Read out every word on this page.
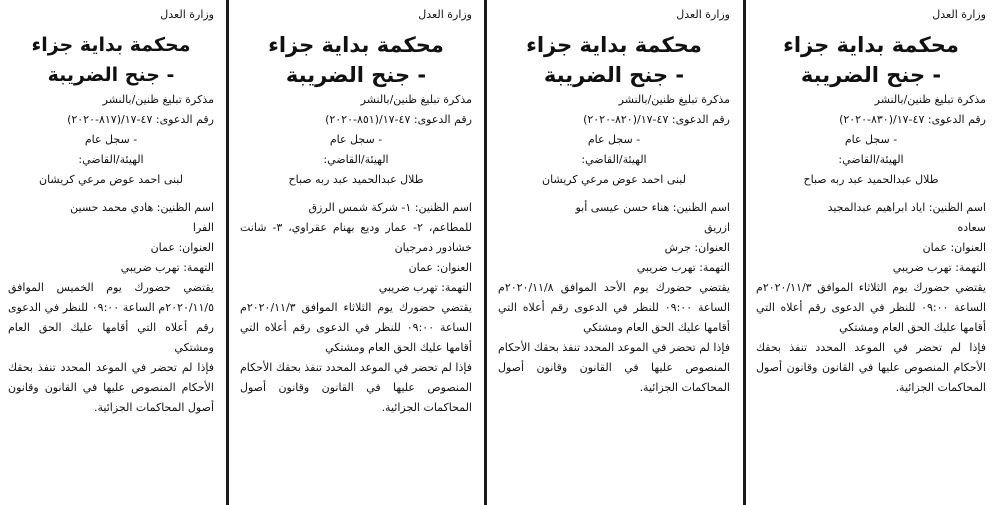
وزارة العدل
محكمة بداية جزاء
- جنح الضريبة
مذكرة تبليغ ظنين/بالنشر
رقم الدعوى: ٤٧-١٧/(٨٣٠-٢٠٢٠)
- سجل عام
الهيئة/القاضي:
طلال عبدالحميد عبد ربه صباح
اسم الظنين: اياد ابراهيم عبدالمجيد
سعاده
العنوان: عمان
التهمة: تهرب ضريبي
يقتضي حضورك يوم الثلاثاء الموافق ٢٠٢٠/١١/٣م الساعة ٠٩:٠٠ للنظر في الدعوى رقم أعلاه التي أقامها عليك الحق العام ومشتكي
فإذا لم تحضر في الموعد المحدد تنفذ بحقك الأحكام المنصوص عليها في القانون وقانون أصول المحاكمات الجزائية.
وزارة العدل
محكمة بداية جزاء
- جنح الضريبة
مذكرة تبليغ ظنين/بالنشر
رقم الدعوى: ٤٧-١٧/(٨٢٠-٢٠٢٠)
- سجل عام
الهيئة/القاضي:
لبنى احمد عوض مرعي كريشان
اسم الظنين: هناء حسن عيسى أبو
ازريق
العنوان: جرش
التهمة: تهرب ضريبي
يقتضي حضورك يوم الأحد الموافق ٢٠٢٠/١١/٨م الساعة ٠٩:٠٠ للنظر في الدعوى رقم أعلاه التي أقامها عليك الحق العام ومشتكي
فإذا لم تحضر في الموعد المحدد تنفذ بحقك الأحكام المنصوص عليها في القانون وقانون أصول المحاكمات الجزائية.
وزارة العدل
محكمة بداية جزاء
- جنح الضريبة
مذكرة تبليغ ظنين/بالنشر
رقم الدعوى: ٤٧-١٧/(٨٥١-٢٠٢٠)
- سجل عام
الهيئة/القاضي:
طلال عبدالحميد عبد ربه صباح
اسم الظنين: ١- شركة شمس الرزق
للمطاعم، ٢- عمار وديع بهنام عقراوي، ٣- شانت خشادور دمرجيان
العنوان: عمان
التهمة: تهرب ضريبي
يقتضي حضورك يوم الثلاثاء الموافق ٢٠٢٠/١١/٣م الساعة ٠٩:٠٠ للنظر في الدعوى رقم أعلاه التي أقامها عليك الحق العام ومشتكي
فإذا لم تحضر في الموعد المحدد تنفذ بحقك الأحكام المنصوص عليها في القانون وقانون أصول المحاكمات الجزائية.
وزارة العدل
محكمة بداية جزاء
- جنح الضريبة
مذكرة تبليغ ظنين/بالنشر
رقم الدعوى: ٤٧-١٧/(٨١٧-٢٠٢٠)
- سجل عام
الهيئة/القاضي:
لبنى احمد عوض مرعي كريشان
اسم الظنين: هادي محمد حسين
الفرا
العنوان: عمان
التهمة: تهرب ضريبي
يقتضي حضورك يوم الخميس الموافق ٢٠٢٠/١١/٥م الساعة ٠٩:٠٠ للنظر في الدعوى رقم أعلاه التي أقامها عليك الحق العام ومشتكي
فإذا لم تحضر في الموعد المحدد تنفذ بحقك الأحكام المنصوص عليها في القانون وقانون أصول المحاكمات الجزائية.
